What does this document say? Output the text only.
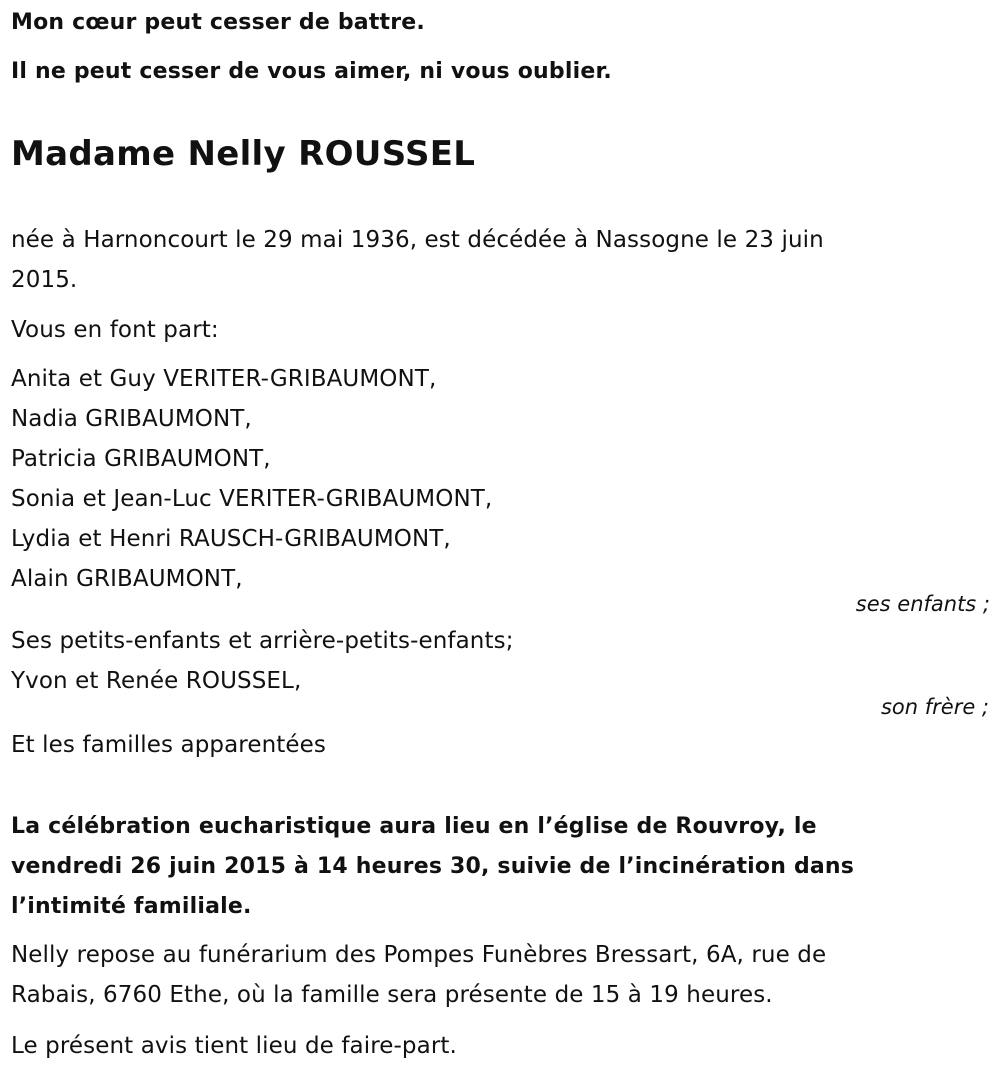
Mon cœur peut cesser de battre.

Il ne peut cesser de vous aimer, ni vous oublier.

Madame Nelly ROUSSEL

née à Harnoncourt le 29 mai 1936, est décédée à Nassogne le 23 juin

2015.

Vous en font part:

Anita et Guy VERITER-GRIBAUMONT,

Nadia GRIBAUMONT,

Patricia GRIBAUMONT,

Sonia et Jean-Luc VERITER-GRIBAUMONT,

Lydia et Henri RAUSCH-GRIBAUMONT,

Alain GRIBAUMONT,

ses enfants ;

Ses petits-enfants et arrière-petits-enfants;

Yvon et Renée ROUSSEL,

son frère ;

Et les familles apparentées

La célébration eucharistique aura lieu en l’église de Rouvroy, le

vendredi 26 juin 2015 à 14 heures 30, suivie de l’incinération dans

l’intimité familiale.

Nelly repose au funérarium des Pompes Funèbres Bressart, 6A, rue de

Rabais, 6760 Ethe, où la famille sera présente de 15 à 19 heures.

Le présent avis tient lieu de faire-part.
